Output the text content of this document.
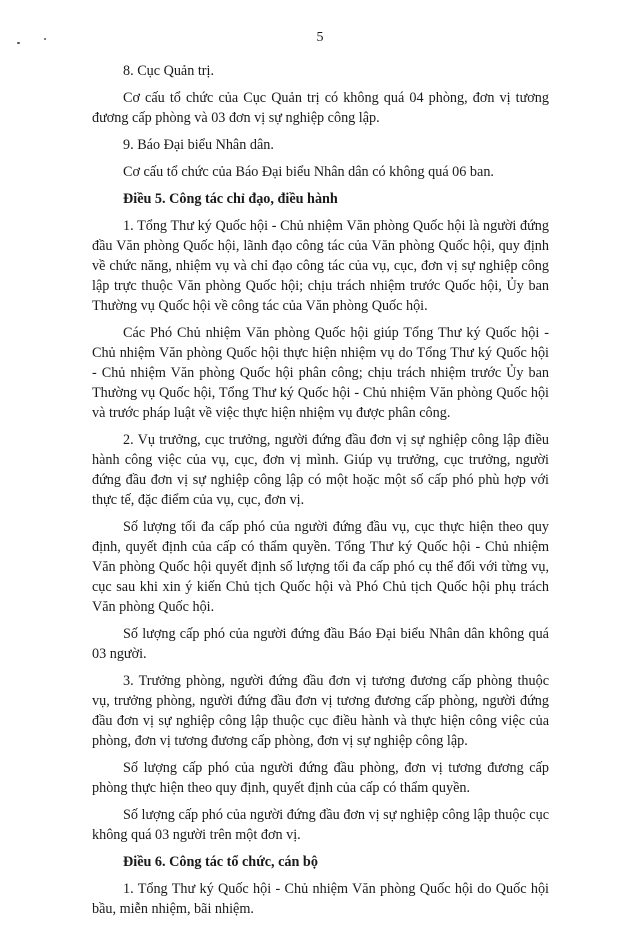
5

8. Cục Quản trị.

Cơ cấu tổ chức của Cục Quản trị có không quá 04 phòng, đơn vị tương đương cấp phòng và 03 đơn vị sự nghiệp công lập.

9. Báo Đại biểu Nhân dân.

Cơ cấu tổ chức của Báo Đại biểu Nhân dân có không quá 06 ban.

Điều 5. Công tác chỉ đạo, điều hành

1. Tổng Thư ký Quốc hội - Chủ nhiệm Văn phòng Quốc hội là người đứng đầu Văn phòng Quốc hội, lãnh đạo công tác của Văn phòng Quốc hội, quy định về chức năng, nhiệm vụ và chỉ đạo công tác của vụ, cục, đơn vị sự nghiệp công lập trực thuộc Văn phòng Quốc hội; chịu trách nhiệm trước Quốc hội, Ủy ban Thường vụ Quốc hội về công tác của Văn phòng Quốc hội.

Các Phó Chủ nhiệm Văn phòng Quốc hội giúp Tổng Thư ký Quốc hội - Chủ nhiệm Văn phòng Quốc hội thực hiện nhiệm vụ do Tổng Thư ký Quốc hội - Chủ nhiệm Văn phòng Quốc hội phân công; chịu trách nhiệm trước Ủy ban Thường vụ Quốc hội, Tổng Thư ký Quốc hội - Chủ nhiệm Văn phòng Quốc hội và trước pháp luật về việc thực hiện nhiệm vụ được phân công.

2. Vụ trưởng, cục trưởng, người đứng đầu đơn vị sự nghiệp công lập điều hành công việc của vụ, cục, đơn vị mình. Giúp vụ trưởng, cục trưởng, người đứng đầu đơn vị sự nghiệp công lập có một hoặc một số cấp phó phù hợp với thực tế, đặc điểm của vụ, cục, đơn vị.

Số lượng tối đa cấp phó của người đứng đầu vụ, cục thực hiện theo quy định, quyết định của cấp có thẩm quyền. Tổng Thư ký Quốc hội - Chủ nhiệm Văn phòng Quốc hội quyết định số lượng tối đa cấp phó cụ thể đối với từng vụ, cục sau khi xin ý kiến Chủ tịch Quốc hội và Phó Chủ tịch Quốc hội phụ trách Văn phòng Quốc hội.

Số lượng cấp phó của người đứng đầu Báo Đại biểu Nhân dân không quá 03 người.

3. Trưởng phòng, người đứng đầu đơn vị tương đương cấp phòng thuộc vụ, trưởng phòng, người đứng đầu đơn vị tương đương cấp phòng, người đứng đầu đơn vị sự nghiệp công lập thuộc cục điều hành và thực hiện công việc của phòng, đơn vị tương đương cấp phòng, đơn vị sự nghiệp công lập.

Số lượng cấp phó của người đứng đầu phòng, đơn vị tương đương cấp phòng thực hiện theo quy định, quyết định của cấp có thẩm quyền.

Số lượng cấp phó của người đứng đầu đơn vị sự nghiệp công lập thuộc cục không quá 03 người trên một đơn vị.

Điều 6. Công tác tổ chức, cán bộ

1. Tổng Thư ký Quốc hội - Chủ nhiệm Văn phòng Quốc hội do Quốc hội bầu, miễn nhiệm, bãi nhiệm.
